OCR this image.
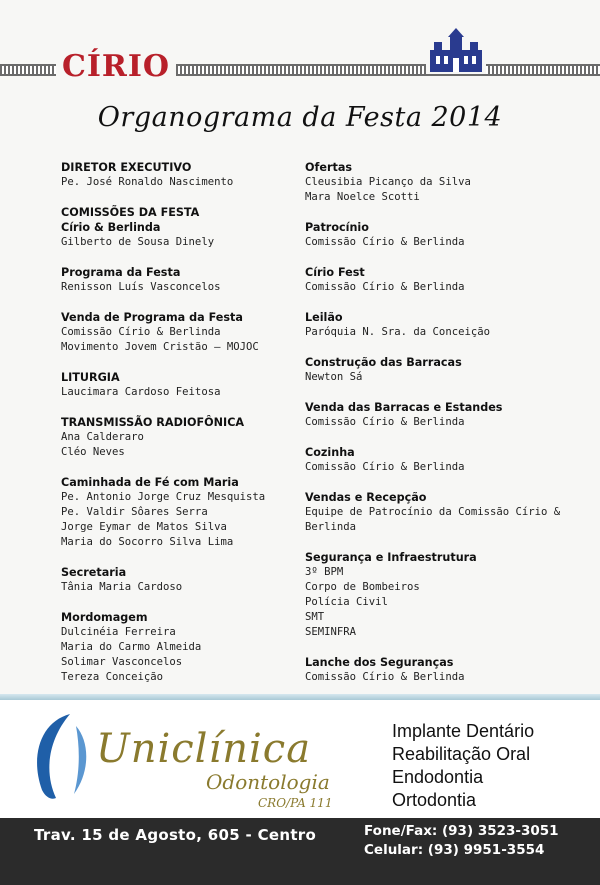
CÍRIO
Organograma da Festa 2014
DIRETOR EXECUTIVO
Pe. José Ronaldo Nascimento
COMISSÕES DA FESTA
Círio & Berlinda
Gilberto de Sousa Dinely
Programa da Festa
Renisson Luís Vasconcelos
Venda de Programa da Festa
Comissão Círio & Berlinda
Movimento Jovem Cristão – MOJOC
LITURGIA
Laucimara Cardoso Feitosa
TRANSMISSÃO RADIOFÔNICA
Ana Calderaro
Cléo Neves
Caminhada de Fé com Maria
Pe. Antonio Jorge Cruz Mesquista
Pe. Valdir Sôares Serra
Jorge Eymar de Matos Silva
Maria do Socorro Silva Lima
Secretaria
Tânia Maria Cardoso
Mordomagem
Dulcinéia Ferreira
Maria do Carmo Almeida
Solimar Vasconcelos
Tereza Conceição
Ofertas
Cleusibia Picanço da Silva
Mara Noelce Scotti
Patrocínio
Comissão Círio & Berlinda
Círio Fest
Comissão Círio & Berlinda
Leilão
Paróquia N. Sra. da Conceição
Construção das Barracas
Newton Sá
Venda das Barracas e Estandes
Comissão Círio & Berlinda
Cozinha
Comissão Círio & Berlinda
Vendas e Recepção
Equipe de Patrocínio da Comissão Círio & Berlinda
Segurança e Infraestrutura
3º BPM
Corpo de Bombeiros
Polícia Civil
SMT
SEMINFRA
Lanche dos Seguranças
Comissão Círio & Berlinda
Uniclínica
Odontologia
CRO/PA 111
Implante Dentário
Reabilitação Oral
Endodontia
Ortodontia
Trav. 15 de Agosto, 605 - Centro	Fone/Fax: (93) 3523-3051
Celular: (93) 9951-3554
